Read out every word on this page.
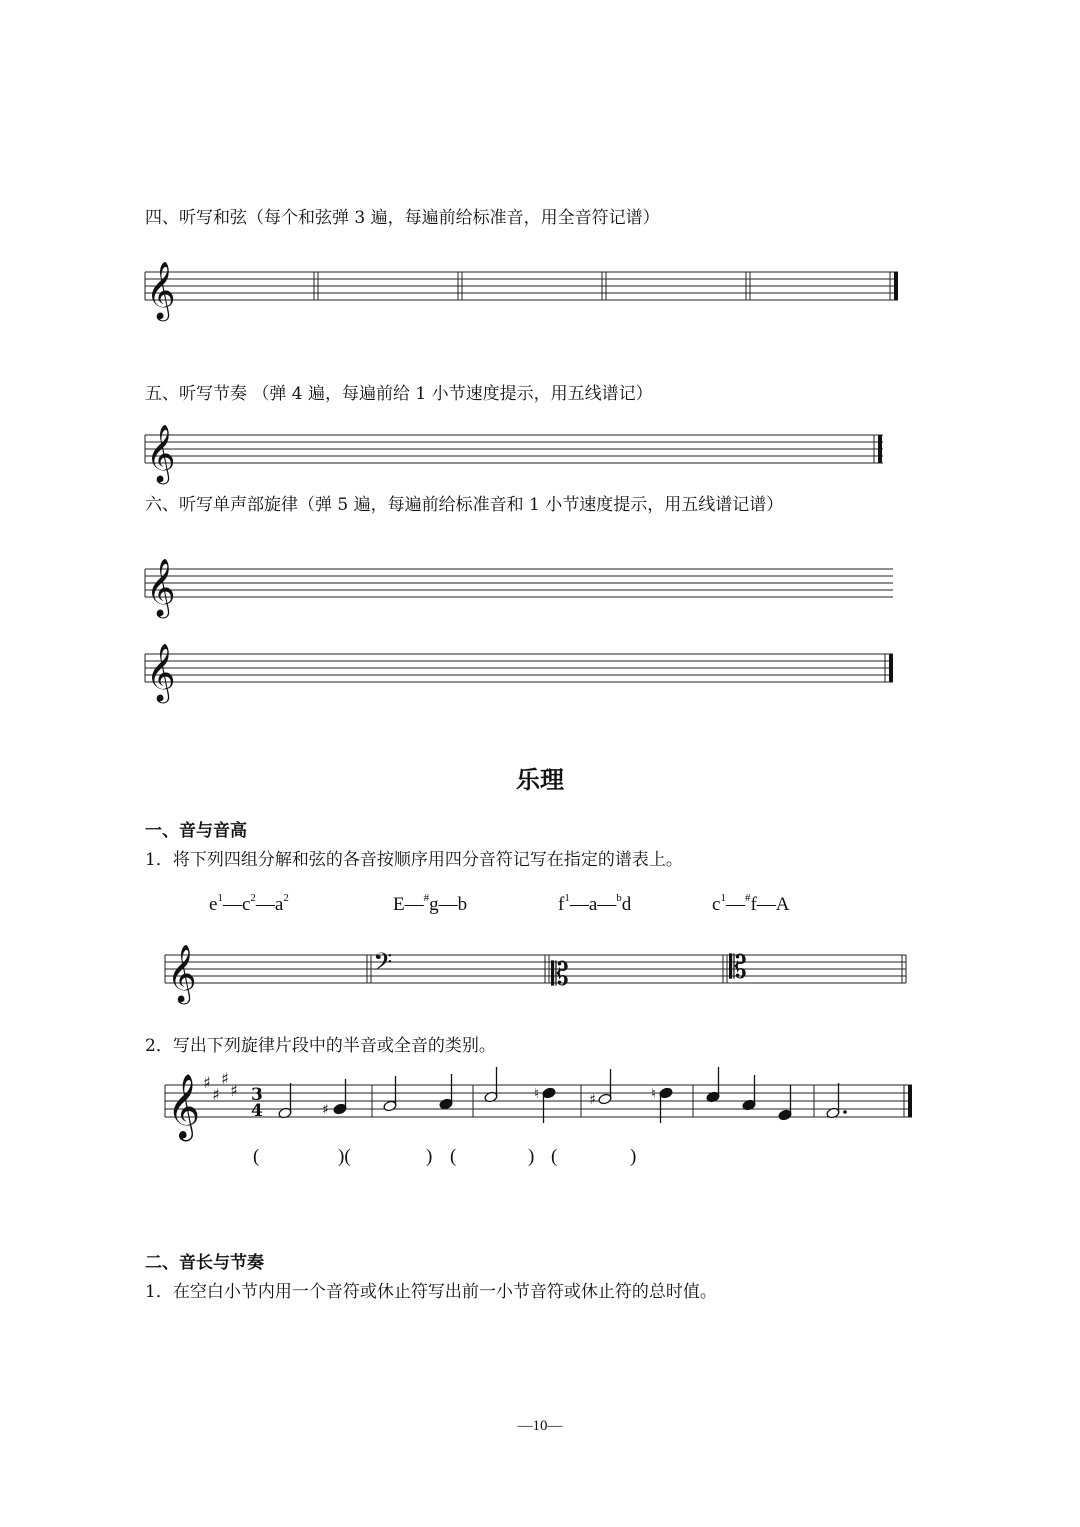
四、听写和弦（每个和弦弹 3 遍，每遍前给标准音，用全音符记谱）
五、听写节奏 （弹 4 遍，每遍前给 1 小节速度提示，用五线谱记）
六、听写单声部旋律（弹 5 遍，每遍前给标准音和 1 小节速度提示，用五线谱记谱）
𝄞
𝄞
𝄞
𝄞
𝄞	𝄢	𝄡	𝄡
𝄞 ♯
♯
♯
♯ 3
4	♯
♮	♯	♮
乐理
一、音与音高
1．将下列四组分解和弦的各音按顺序用四分音符记写在指定的谱表上。
$e^1—c^2—a^2$	E—#g—b	$f^1—a—^bd$	$c^1—^{\#}f—A$
2．写出下列旋律片段中的半音或全音的类别。
(	)(	) (	) (	)
二、音长与节奏
1．在空白小节内用一个音符或休止符写出前一小节音符或休止符的总时值。
—10—
